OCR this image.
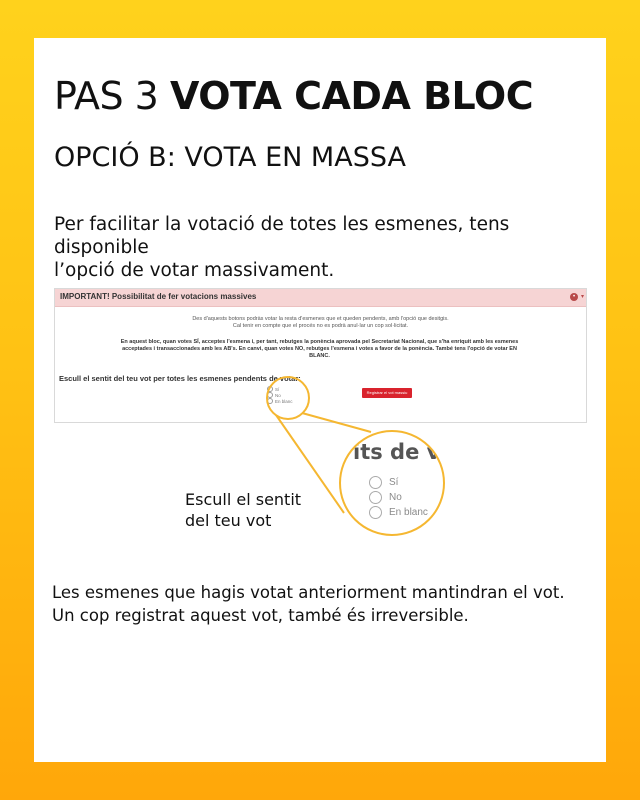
PAS 3 VOTA CADA BLOC
OPCIÓ B: VOTA EN MASSA
Per facilitar la votació de totes les esmenes, tens disponible
l’opció de votar massivament.
IMPORTANT! Possibilitat de fer votacions massives	• ▾
Des d'aquests botons podràs votar la resta d'esmenes que et queden pendents, amb l'opció que desitgis.
Cal tenir en compte que el procés no es podrà anul·lar un cop sol·licitat.
En aquest bloc, quan votes SÍ, acceptes l'esmena i, per tant, rebutges la ponència aprovada pel Secretariat Nacional, que s'ha enriquit amb les esmenes
acceptades i transaccionades amb les AB's. En canvi, quan votes NO, rebutges l'esmena i votes a favor de la ponència. També tens l'opció de votar EN
BLANC.
Escull el sentit del teu vot per totes les esmenes pendents de votar:
Sí
No
En blanc
Registrar el vot massiu
its de v
Sí
No
En blanc
Escull el sentit
del teu vot
Les esmenes que hagis votat anteriorment mantindran el vot.
Un cop registrat aquest vot, també és irreversible.
